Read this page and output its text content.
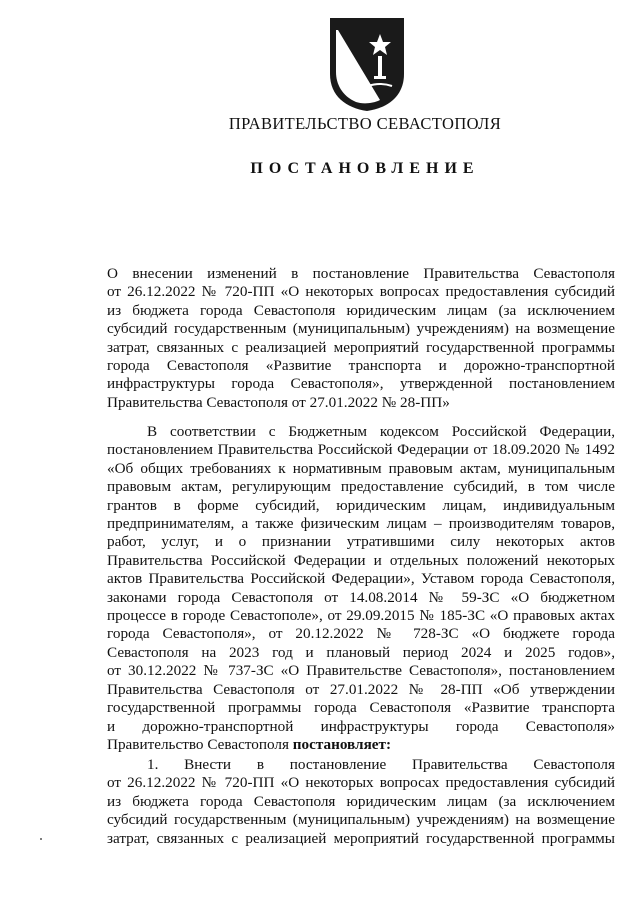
ПРАВИТЕЛЬСТВО СЕВАСТОПОЛЯ
ПОСТАНОВЛЕНИЕ
О внесении изменений в постановление Правительства Севастополя
от 26.12.2022 № 720-ПП «О некоторых вопросах предоставления субсидий
из бюджета города Севастополя юридическим лицам (за исключением
субсидий государственным (муниципальным) учреждениям) на возмещение
затрат, связанных с реализацией мероприятий государственной программы
города Севастополя «Развитие транспорта и дорожно-транспортной
инфраструктуры города Севастополя», утвержденной постановлением
Правительства Севастополя от 27.01.2022 № 28-ПП»
В соответствии с Бюджетным кодексом Российской Федерации,
постановлением Правительства Российской Федерации от 18.09.2020 № 1492
«Об общих требованиях к нормативным правовым актам, муниципальным
правовым актам, регулирующим предоставление субсидий, в том числе
грантов в форме субсидий, юридическим лицам, индивидуальным
предпринимателям, а также физическим лицам – производителям товаров,
работ, услуг, и о признании утратившими силу некоторых актов
Правительства Российской Федерации и отдельных положений некоторых
актов Правительства Российской Федерации», Уставом города Севастополя,
законами города Севастополя от 14.08.2014 № 59-ЗС «О бюджетном
процессе в городе Севастополе», от 29.09.2015 № 185-ЗС «О правовых актах
города Севастополя», от 20.12.2022 № 728-ЗС «О бюджете города
Севастополя на 2023 год и плановый период 2024 и 2025 годов»,
от 30.12.2022 № 737-ЗС «О Правительстве Севастополя», постановлением
Правительства Севастополя от 27.01.2022 № 28-ПП «Об утверждении
государственной программы города Севастополя «Развитие транспорта
и дорожно-транспортной инфраструктуры города Севастополя»
Правительство Севастополя постановляет:
1. Внести в постановление Правительства Севастополя
от 26.12.2022 № 720-ПП «О некоторых вопросах предоставления субсидий
из бюджета города Севастополя юридическим лицам (за исключением
субсидий государственным (муниципальным) учреждениям) на возмещение
затрат, связанных с реализацией мероприятий государственной программы
